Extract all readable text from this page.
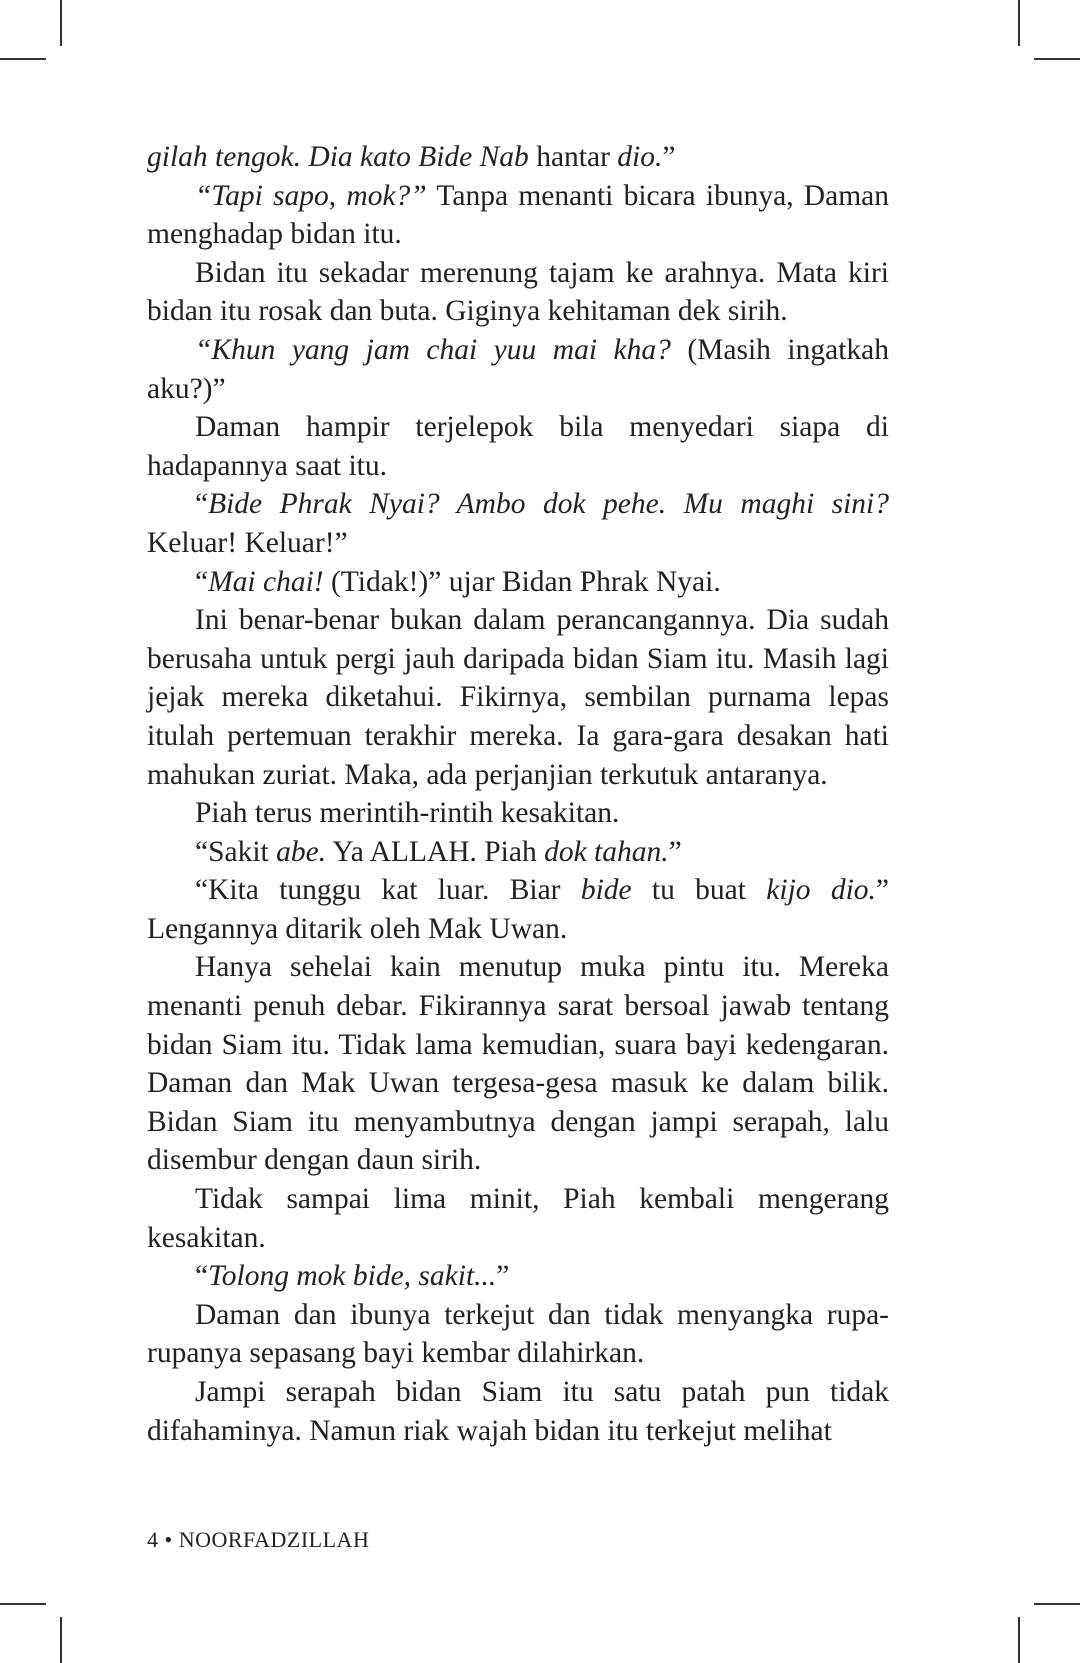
gilah tengok. Dia kato Bide Nab hantar dio.”

“Tapi sapo, mok?” Tanpa menanti bicara ibunya, Daman menghadap bidan itu.

Bidan itu sekadar merenung tajam ke arahnya. Mata kiri bidan itu rosak dan buta. Giginya kehitaman dek sirih.

“Khun yang jam chai yuu mai kha? (Masih ingatkah aku?)”

Daman hampir terjelepok bila menyedari siapa di hadapannya saat itu.

“Bide Phrak Nyai? Ambo dok pehe. Mu maghi sini? Keluar! Keluar!”

“Mai chai! (Tidak!)” ujar Bidan Phrak Nyai.

Ini benar-benar bukan dalam perancangannya. Dia sudah berusaha untuk pergi jauh daripada bidan Siam itu. Masih lagi jejak mereka diketahui. Fikirnya, sembilan purnama lepas itulah pertemuan terakhir mereka. Ia gara-gara desakan hati mahukan zuriat. Maka, ada perjanjian terkutuk antaranya.

Piah terus merintih-rintih kesakitan.

“Sakit abe. Ya ALLAH. Piah dok tahan.”

“Kita tunggu kat luar. Biar bide tu buat kijo dio.” Lengannya ditarik oleh Mak Uwan.

Hanya sehelai kain menutup muka pintu itu. Mereka menanti penuh debar. Fikirannya sarat bersoal jawab tentang bidan Siam itu. Tidak lama kemudian, suara bayi kedengaran. Daman dan Mak Uwan tergesa-gesa masuk ke dalam bilik. Bidan Siam itu menyambutnya dengan jampi serapah, lalu disembur dengan daun sirih.

Tidak sampai lima minit, Piah kembali mengerang kesakitan.

“Tolong mok bide, sakit...”

Daman dan ibunya terkejut dan tidak menyangka rupa-rupanya sepasang bayi kembar dilahirkan.

Jampi serapah bidan Siam itu satu patah pun tidak difahaminya. Namun riak wajah bidan itu terkejut melihat

4 • NOORFADZILLAH
